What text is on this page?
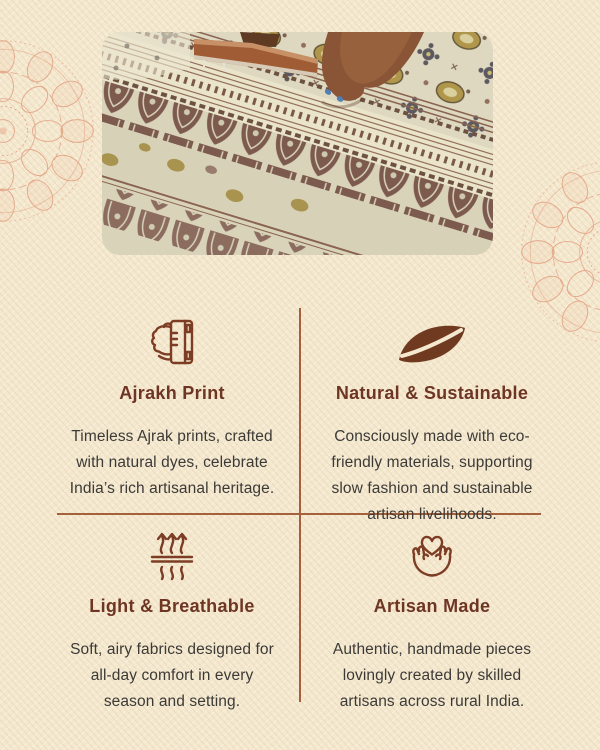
Ajrakh Print
Timeless Ajrak prints, crafted
with natural dyes, celebrate
India’s rich artisanal heritage.
Natural & Sustainable
Consciously made with eco-
friendly materials, supporting
slow fashion and sustainable
artisan livelihoods.
Light & Breathable
Soft, airy fabrics designed for
all-day comfort in every
season and setting.
Artisan Made
Authentic, handmade pieces
lovingly created by skilled
artisans across rural India.
